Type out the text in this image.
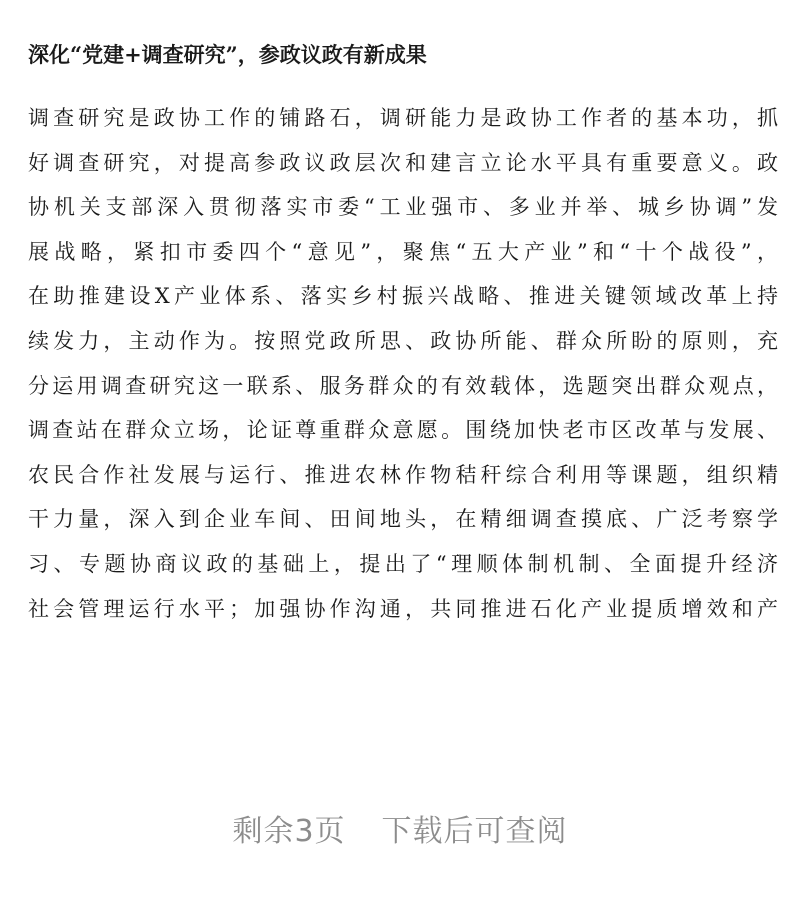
深化“党建+调查研究”，参政议政有新成果
调查研究是政协工作的铺路石，调研能力是政协工作者的基本功，抓
好调查研究，对提高参政议政层次和建言立论水平具有重要意义。政
协机关支部深入贯彻落实市委“工业强市、多业并举、城乡协调”发
展战略，紧扣市委四个“意见”，聚焦“五大产业”和“十个战役”，
在助推建设X产业体系、落实乡村振兴战略、推进关键领域改革上持
续发力，主动作为。按照党政所思、政协所能、群众所盼的原则，充
分运用调查研究这一联系、服务群众的有效载体，选题突出群众观点，
调查站在群众立场，论证尊重群众意愿。围绕加快老市区改革与发展、
农民合作社发展与运行、推进农林作物秸秆综合利用等课题，组织精
干力量，深入到企业车间、田间地头，在精细调查摸底、广泛考察学
习、专题协商议政的基础上，提出了“理顺体制机制、全面提升经济
社会管理运行水平；加强协作沟通，共同推进石化产业提质增效和产
剩余3页 下载后可查阅
